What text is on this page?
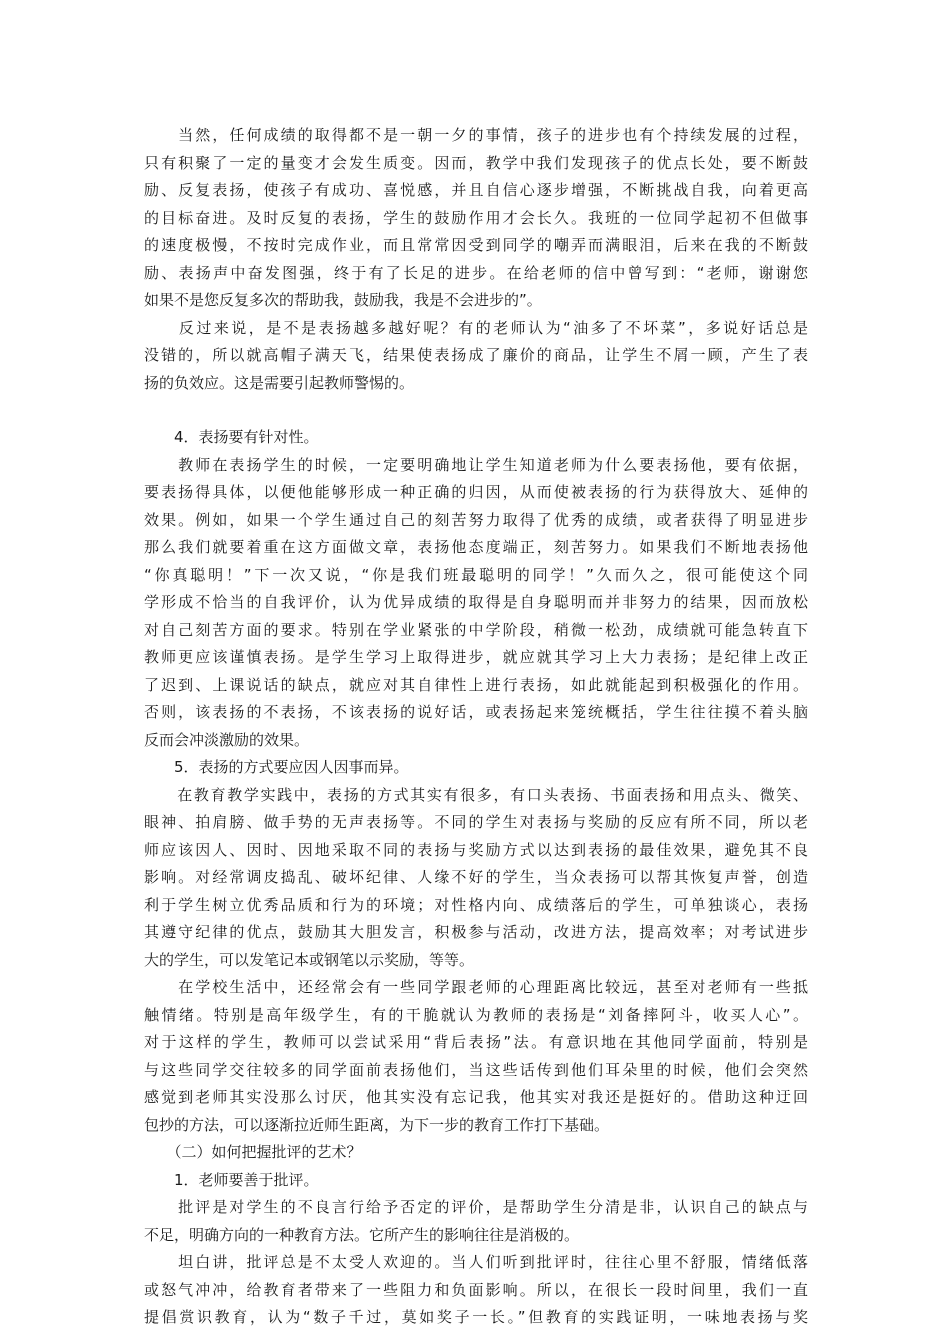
　　当然，任何成绩的取得都不是一朝一夕的事情，孩子的进步也有个持续发展的过程，
只有积聚了一定的量变才会发生质变。因而，教学中我们发现孩子的优点长处，要不断鼓
励、反复表扬，使孩子有成功、喜悦感，并且自信心逐步增强，不断挑战自我，向着更高
的目标奋进。及时反复的表扬，学生的鼓励作用才会长久。我班的一位同学起初不但做事
的速度极慢，不按时完成作业，而且常常因受到同学的嘲弄而满眼泪，后来在我的不断鼓
励、表扬声中奋发图强，终于有了长足的进步。在给老师的信中曾写到：“老师，谢谢您
如果不是您反复多次的帮助我，鼓励我，我是不会进步的”。
　　反过来说，是不是表扬越多越好呢？有的老师认为“油多了不坏菜”，多说好话总是
没错的，所以就高帽子满天飞，结果使表扬成了廉价的商品，让学生不屑一顾，产生了表
扬的负效应。这是需要引起教师警惕的。
　　4．表扬要有针对性。
　　教师在表扬学生的时候，一定要明确地让学生知道老师为什么要表扬他，要有依据，
要表扬得具体，以便他能够形成一种正确的归因，从而使被表扬的行为获得放大、延伸的
效果。例如，如果一个学生通过自己的刻苦努力取得了优秀的成绩，或者获得了明显进步
那么我们就要着重在这方面做文章，表扬他态度端正，刻苦努力。如果我们不断地表扬他
“你真聪明！”下一次又说，“你是我们班最聪明的同学！”久而久之，很可能使这个同
学形成不恰当的自我评价，认为优异成绩的取得是自身聪明而并非努力的结果，因而放松
对自己刻苦方面的要求。特别在学业紧张的中学阶段，稍微一松劲，成绩就可能急转直下
教师更应该谨慎表扬。是学生学习上取得进步，就应就其学习上大力表扬；是纪律上改正
了迟到、上课说话的缺点，就应对其自律性上进行表扬，如此就能起到积极强化的作用。
否则，该表扬的不表扬，不该表扬的说好话，或表扬起来笼统概括，学生往往摸不着头脑
反而会冲淡激励的效果。
　　5．表扬的方式要应因人因事而异。
　　在教育教学实践中，表扬的方式其实有很多，有口头表扬、书面表扬和用点头、微笑、
眼神、拍肩膀、做手势的无声表扬等。不同的学生对表扬与奖励的反应有所不同，所以老
师应该因人、因时、因地采取不同的表扬与奖励方式以达到表扬的最佳效果，避免其不良
影响。对经常调皮捣乱、破坏纪律、人缘不好的学生，当众表扬可以帮其恢复声誉，创造
利于学生树立优秀品质和行为的环境；对性格内向、成绩落后的学生，可单独谈心，表扬
其遵守纪律的优点，鼓励其大胆发言，积极参与活动，改进方法，提高效率；对考试进步
大的学生，可以发笔记本或钢笔以示奖励，等等。
　　在学校生活中，还经常会有一些同学跟老师的心理距离比较远，甚至对老师有一些抵
触情绪。特别是高年级学生，有的干脆就认为教师的表扬是“刘备摔阿斗，收买人心”。
对于这样的学生，教师可以尝试采用“背后表扬”法。有意识地在其他同学面前，特别是
与这些同学交往较多的同学面前表扬他们，当这些话传到他们耳朵里的时候，他们会突然
感觉到老师其实没那么讨厌，他其实没有忘记我，他其实对我还是挺好的。借助这种迂回
包抄的方法，可以逐渐拉近师生距离，为下一步的教育工作打下基础。
　　（二）如何把握批评的艺术？
　　1．老师要善于批评。
　　批评是对学生的不良言行给予否定的评价，是帮助学生分清是非，认识自己的缺点与
不足，明确方向的一种教育方法。它所产生的影响往往是消极的。
　　坦白讲，批评总是不太受人欢迎的。当人们听到批评时，往往心里不舒服，情绪低落
或怒气冲冲，给教育者带来了一些阻力和负面影响。所以，在很长一段时间里，我们一直
提倡赏识教育，认为“数子千过，莫如奖子一长。”但教育的实践证明，一味地表扬与奖
